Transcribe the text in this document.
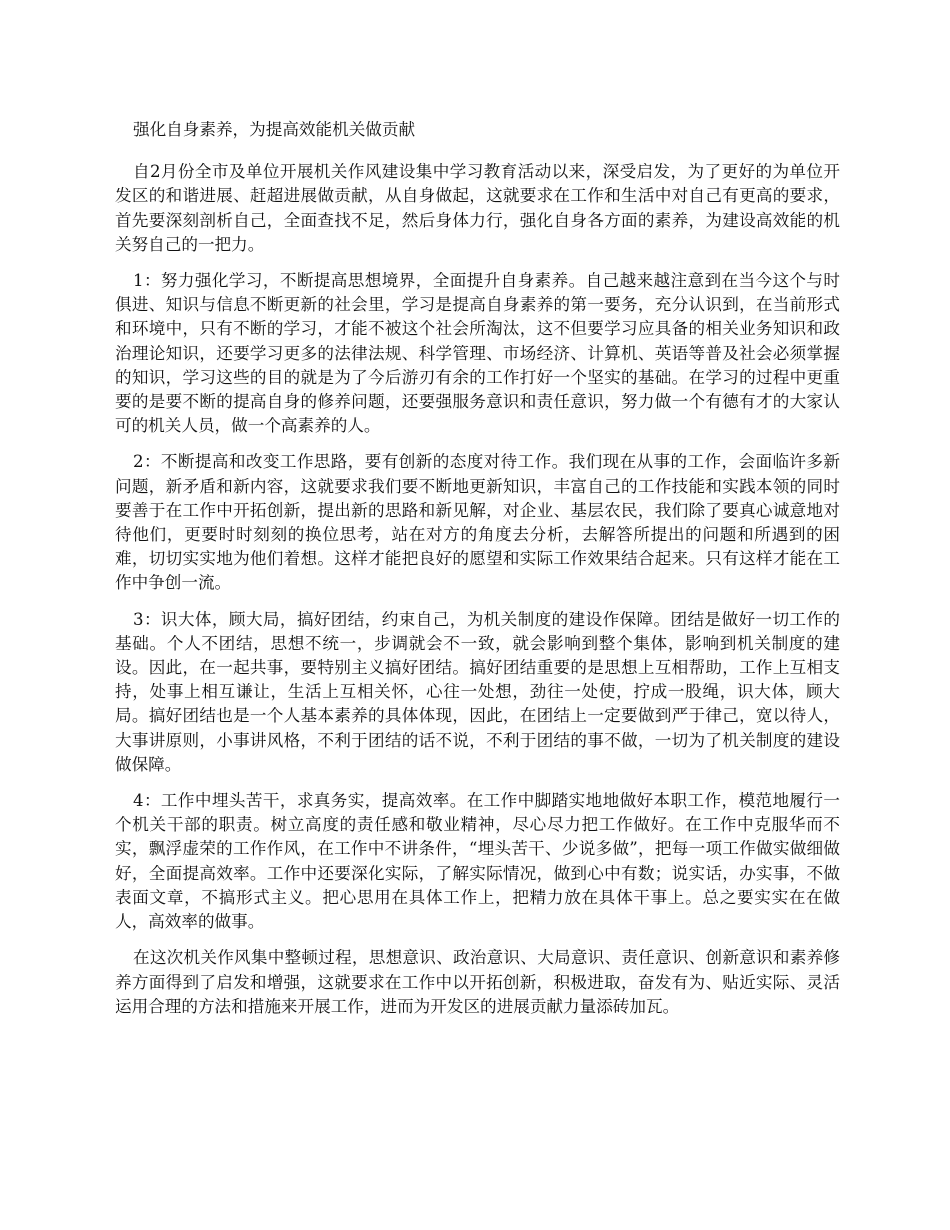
强化自身素养，为提高效能机关做贡献

自2月份全市及单位开展机关作风建设集中学习教育活动以来，深受启发，为了更好的为单位开发区的和谐进展、赶超进展做贡献，从自身做起，这就要求在工作和生活中对自己有更高的要求，首先要深刻剖析自己，全面查找不足，然后身体力行，强化自身各方面的素养，为建设高效能的机关努自己的一把力。

1：努力强化学习，不断提高思想境界，全面提升自身素养。自己越来越注意到在当今这个与时俱进、知识与信息不断更新的社会里，学习是提高自身素养的第一要务，充分认识到，在当前形式和环境中，只有不断的学习，才能不被这个社会所淘汰，这不但要学习应具备的相关业务知识和政治理论知识，还要学习更多的法律法规、科学管理、市场经济、计算机、英语等普及社会必须掌握的知识，学习这些的目的就是为了今后游刃有余的工作打好一个坚实的基础。在学习的过程中更重要的是要不断的提高自身的修养问题，还要强服务意识和责任意识，努力做一个有德有才的大家认可的机关人员，做一个高素养的人。

2：不断提高和改变工作思路，要有创新的态度对待工作。我们现在从事的工作，会面临许多新问题，新矛盾和新内容，这就要求我们要不断地更新知识，丰富自己的工作技能和实践本领的同时要善于在工作中开拓创新，提出新的思路和新见解，对企业、基层农民，我们除了要真心诚意地对待他们，更要时时刻刻的换位思考，站在对方的角度去分析，去解答所提出的问题和所遇到的困难，切切实实地为他们着想。这样才能把良好的愿望和实际工作效果结合起来。只有这样才能在工作中争创一流。

3：识大体，顾大局，搞好团结，约束自己，为机关制度的建设作保障。团结是做好一切工作的基础。个人不团结，思想不统一，步调就会不一致，就会影响到整个集体，影响到机关制度的建设。因此，在一起共事，要特别主义搞好团结。搞好团结重要的是思想上互相帮助，工作上互相支持，处事上相互谦让，生活上互相关怀，心往一处想，劲往一处使，拧成一股绳，识大体，顾大局。搞好团结也是一个人基本素养的具体体现，因此，在团结上一定要做到严于律己，宽以待人，大事讲原则，小事讲风格，不利于团结的话不说，不利于团结的事不做，一切为了机关制度的建设做保障。

4：工作中埋头苦干，求真务实，提高效率。在工作中脚踏实地地做好本职工作，模范地履行一个机关干部的职责。树立高度的责任感和敬业精神，尽心尽力把工作做好。在工作中克服华而不实，飘浮虚荣的工作作风，在工作中不讲条件，“埋头苦干、少说多做”，把每一项工作做实做细做好，全面提高效率。工作中还要深化实际，了解实际情况，做到心中有数；说实话，办实事，不做表面文章，不搞形式主义。把心思用在具体工作上，把精力放在具体干事上。总之要实实在在做人，高效率的做事。

在这次机关作风集中整顿过程，思想意识、政治意识、大局意识、责任意识、创新意识和素养修养方面得到了启发和增强，这就要求在工作中以开拓创新，积极进取，奋发有为、贴近实际、灵活运用合理的方法和措施来开展工作，进而为开发区的进展贡献力量添砖加瓦。
